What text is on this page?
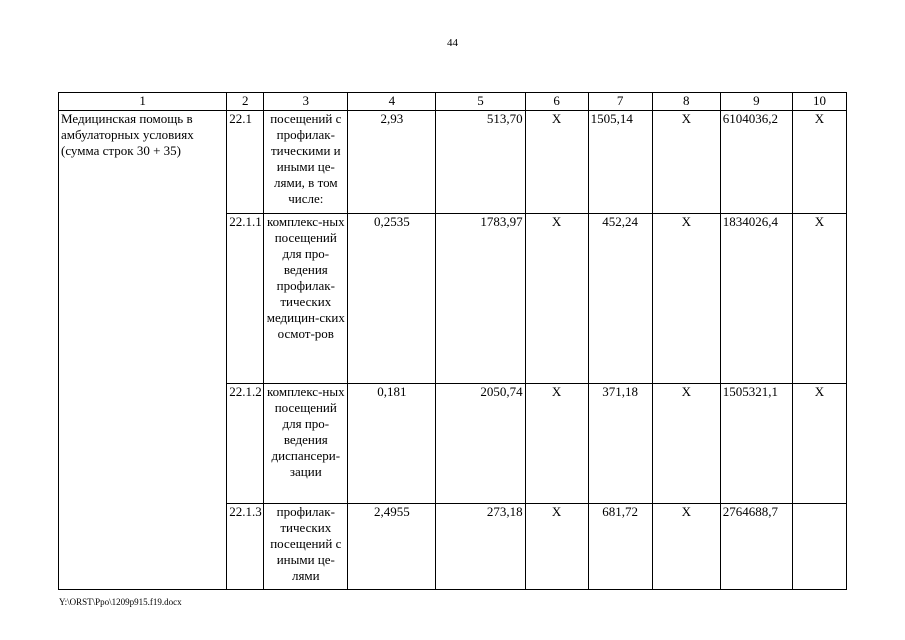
44
1	2	3	4	5	6	7	8	9	10
Медицинская помощь в амбулаторных условиях (сумма строк 30 + 35)	22.1	посещений с профилак-тическими и иными це-лями, в том числе:	2,93	513,70	Х	1505,14	Х	6104036,2	Х
	22.1.1	комплекс-ных посещений для про-ведения профилак-тических медицин-ских осмот-ров	0,2535	1783,97	Х	452,24	Х	1834026,4	Х
	22.1.2	комплекс-ных посещений для про-ведения диспансери-зации	0,181	2050,74	Х	371,18	Х	1505321,1	Х
	22.1.3	профилак-тических посещений с иными це-лями	2,4955	273,18	Х	681,72	Х	2764688,7	
Y:\ORST\Ppo\1209p915.f19.docx
